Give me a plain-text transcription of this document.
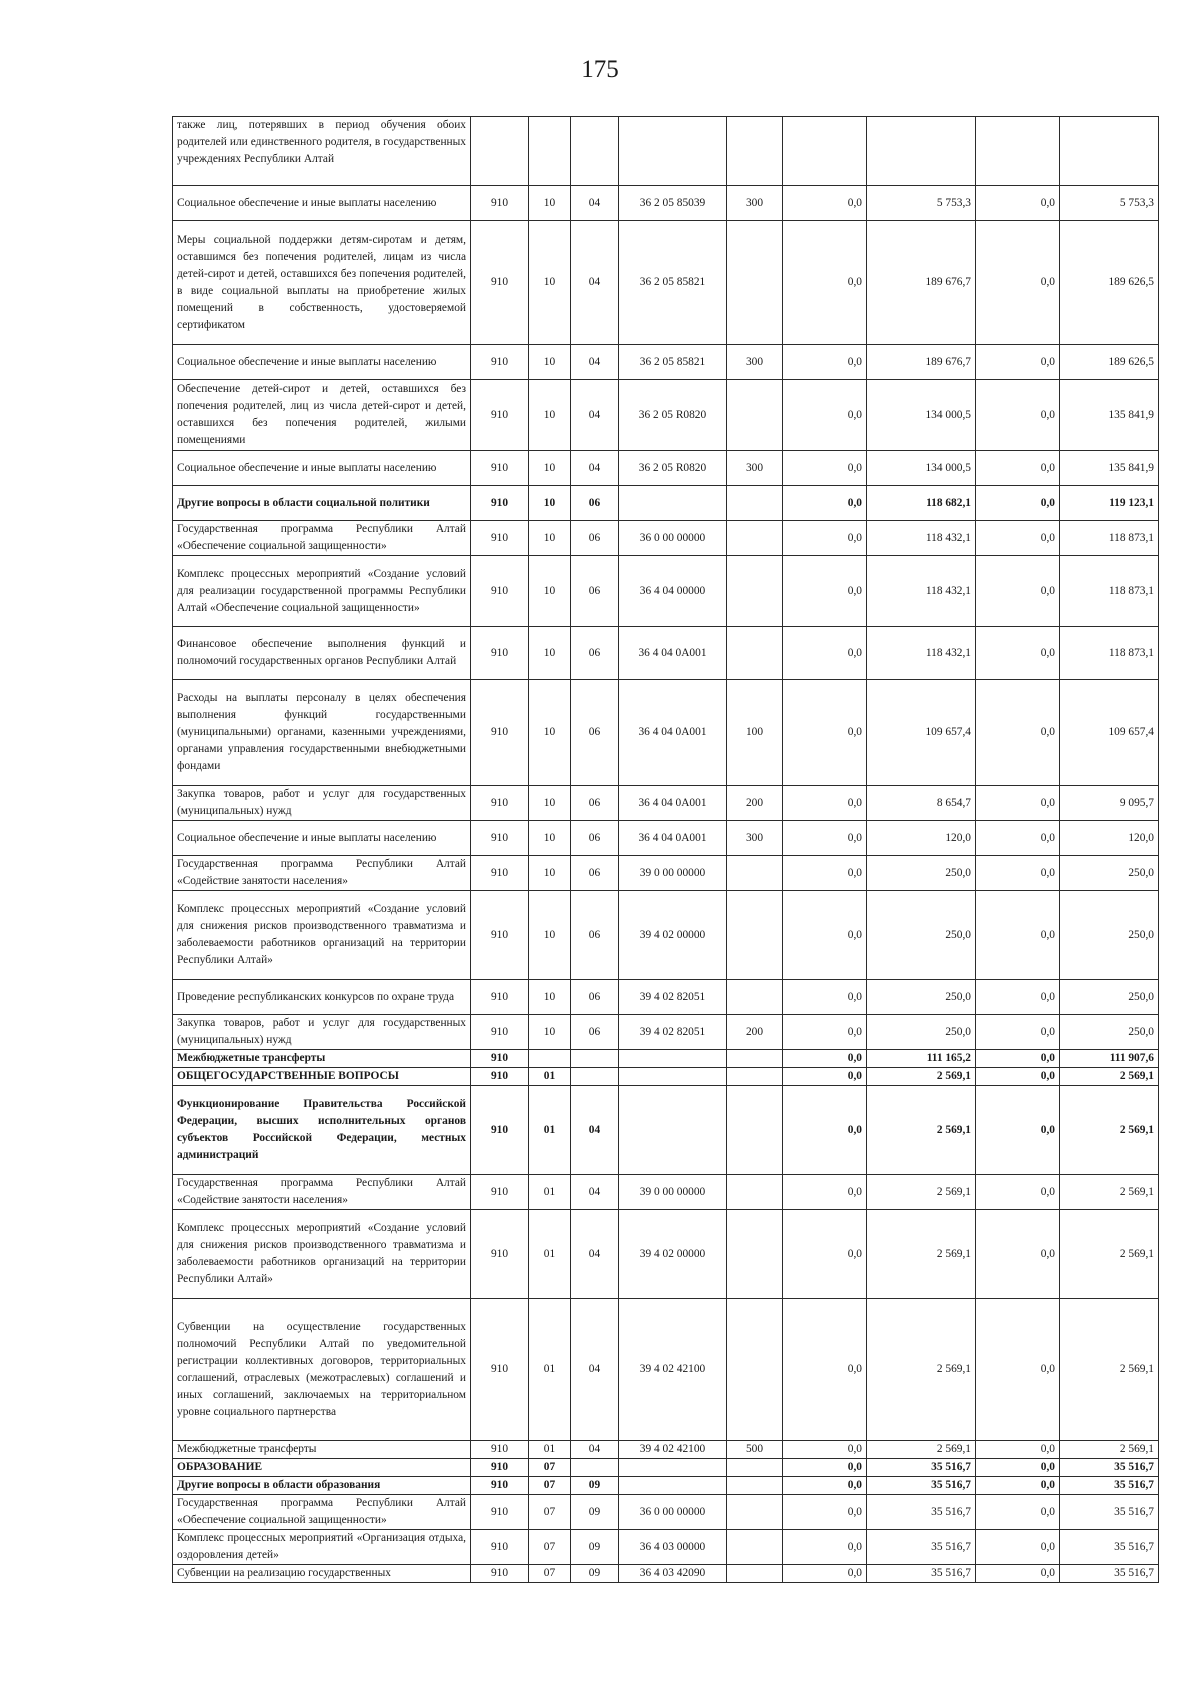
175
также лиц, потерявших в период обучения обоих родителей или единственного родителя, в государственных учреждениях Республики Алтай									
Социальное обеспечение и иные выплаты населению	910	10	04	36 2 05 85039	300	0,0	5 753,3	0,0	5 753,3
Меры социальной поддержки детям-сиротам и детям, оставшимся без попечения родителей, лицам из числа детей-сирот и детей, оставшихся без попечения родителей, в виде социальной выплаты на приобретение жилых помещений в собственность, удостоверяемой сертификатом	910	10	04	36 2 05 85821		0,0	189 676,7	0,0	189 626,5
Социальное обеспечение и иные выплаты населению	910	10	04	36 2 05 85821	300	0,0	189 676,7	0,0	189 626,5
Обеспечение детей-сирот и детей, оставшихся без попечения родителей, лиц из числа детей-сирот и детей, оставшихся без попечения родителей, жилыми помещениями	910	10	04	36 2 05 R0820		0,0	134 000,5	0,0	135 841,9
Социальное обеспечение и иные выплаты населению	910	10	04	36 2 05 R0820	300	0,0	134 000,5	0,0	135 841,9
Другие вопросы в области социальной политики	910	10	06			0,0	118 682,1	0,0	119 123,1
Государственная программа Республики Алтай «Обеспечение социальной защищенности»	910	10	06	36 0 00 00000		0,0	118 432,1	0,0	118 873,1
Комплекс процессных мероприятий «Создание условий для реализации государственной программы Республики Алтай «Обеспечение социальной защищенности»	910	10	06	36 4 04 00000		0,0	118 432,1	0,0	118 873,1
Финансовое обеспечение выполнения функций и полномочий государственных органов Республики Алтай	910	10	06	36 4 04 0А001		0,0	118 432,1	0,0	118 873,1
Расходы на выплаты персоналу в целях обеспечения выполнения функций государственными (муниципальными) органами, казенными учреждениями, органами управления государственными внебюджетными фондами	910	10	06	36 4 04 0А001	100	0,0	109 657,4	0,0	109 657,4
Закупка товаров, работ и услуг для государственных (муниципальных) нужд	910	10	06	36 4 04 0А001	200	0,0	8 654,7	0,0	9 095,7
Социальное обеспечение и иные выплаты населению	910	10	06	36 4 04 0А001	300	0,0	120,0	0,0	120,0
Государственная программа Республики Алтай «Содействие занятости населения»	910	10	06	39 0 00 00000		0,0	250,0	0,0	250,0
Комплекс процессных мероприятий «Создание условий для снижения рисков производственного травматизма и заболеваемости работников организаций на территории Республики Алтай»	910	10	06	39 4 02 00000		0,0	250,0	0,0	250,0
Проведение республиканских конкурсов по охране труда	910	10	06	39 4 02 82051		0,0	250,0	0,0	250,0
Закупка товаров, работ и услуг для государственных (муниципальных) нужд	910	10	06	39 4 02 82051	200	0,0	250,0	0,0	250,0
Межбюджетные трансферты	910					0,0	111 165,2	0,0	111 907,6
ОБЩЕГОСУДАРСТВЕННЫЕ ВОПРОСЫ	910	01				0,0	2 569,1	0,0	2 569,1
Функционирование Правительства Российской Федерации, высших исполнительных органов субъектов Российской Федерации, местных администраций	910	01	04			0,0	2 569,1	0,0	2 569,1
Государственная программа Республики Алтай «Содействие занятости населения»	910	01	04	39 0 00 00000		0,0	2 569,1	0,0	2 569,1
Комплекс процессных мероприятий «Создание условий для снижения рисков производственного травматизма и заболеваемости работников организаций на территории Республики Алтай»	910	01	04	39 4 02 00000		0,0	2 569,1	0,0	2 569,1
Субвенции на осуществление государственных полномочий Республики Алтай по уведомительной регистрации коллективных договоров, территориальных соглашений, отраслевых (межотраслевых) соглашений и иных соглашений, заключаемых на территориальном уровне социального партнерства	910	01	04	39 4 02 42100		0,0	2 569,1	0,0	2 569,1
Межбюджетные трансферты	910	01	04	39 4 02 42100	500	0,0	2 569,1	0,0	2 569,1
ОБРАЗОВАНИЕ	910	07				0,0	35 516,7	0,0	35 516,7
Другие вопросы в области образования	910	07	09			0,0	35 516,7	0,0	35 516,7
Государственная программа Республики Алтай «Обеспечение социальной защищенности»	910	07	09	36 0 00 00000		0,0	35 516,7	0,0	35 516,7
Комплекс процессных мероприятий «Организация отдыха, оздоровления детей»	910	07	09	36 4 03 00000		0,0	35 516,7	0,0	35 516,7
Субвенции на реализацию государственных	910	07	09	36 4 03 42090		0,0	35 516,7	0,0	35 516,7
